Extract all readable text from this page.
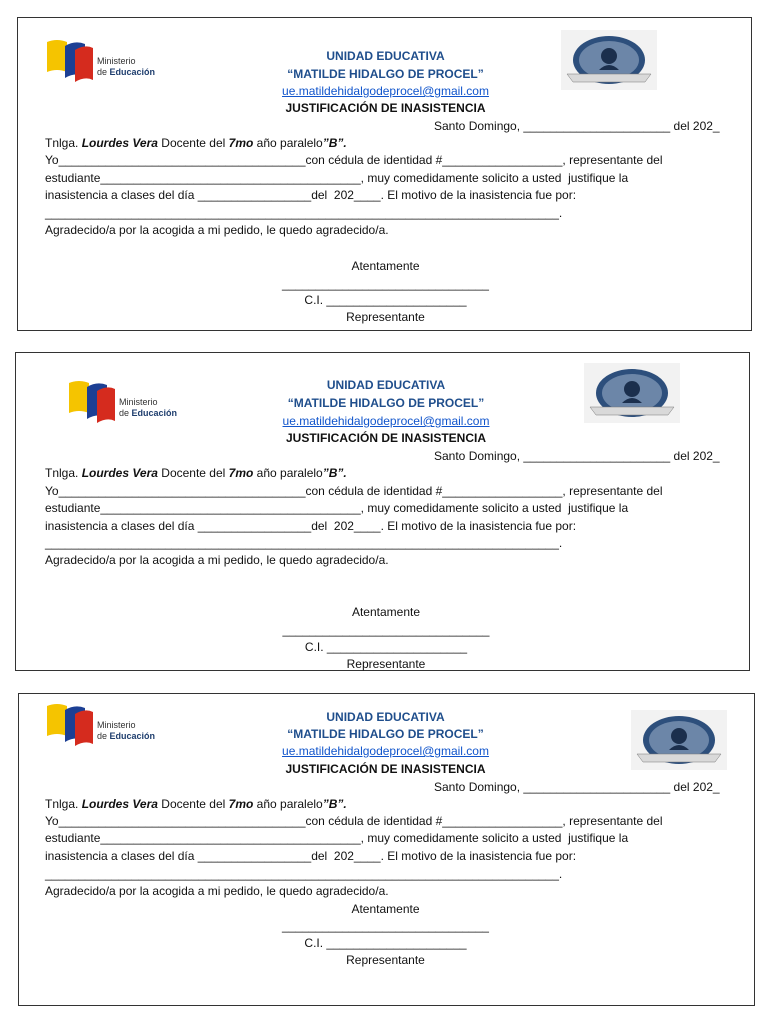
Ministerio
de Educación

UNIDAD EDUCATIVA

“MATILDE HIDALGO DE PROCEL”

ue.matildehidalgodeprocel@gmail.com

JUSTIFICACIÓN DE INASISTENCIA

Santo Domingo, ______________________ del 202_

Tnlga. Lourdes Vera Docente del 7mo año paralelo”B”.

Yo_____________________________________con cédula de identidad #__________________, representante del

estudiante_______________________________________, muy comedidamente solicito a usted  justifique la

inasistencia a clases del día _________________del  202____. El motivo de la inasistencia fue por:

_____________________________________________________________________________.

Agradecido/a por la acogida a mi pedido, le quedo agradecido/a.

Atentamente

_______________________________

C.I. _____________________

Representante

Ministerio
de Educación

UNIDAD EDUCATIVA

“MATILDE HIDALGO DE PROCEL”

ue.matildehidalgodeprocel@gmail.com

JUSTIFICACIÓN DE INASISTENCIA

Santo Domingo, ______________________ del 202_

Tnlga. Lourdes Vera Docente del 7mo año paralelo”B”.

Yo_____________________________________con cédula de identidad #__________________, representante del

estudiante_______________________________________, muy comedidamente solicito a usted  justifique la

inasistencia a clases del día _________________del  202____. El motivo de la inasistencia fue por:

_____________________________________________________________________________.

Agradecido/a por la acogida a mi pedido, le quedo agradecido/a.

Atentamente

_______________________________

C.I. _____________________

Representante

Ministerio
de Educación

UNIDAD EDUCATIVA

“MATILDE HIDALGO DE PROCEL”

ue.matildehidalgodeprocel@gmail.com

JUSTIFICACIÓN DE INASISTENCIA

Santo Domingo, ______________________ del 202_

Tnlga. Lourdes Vera Docente del 7mo año paralelo”B”.

Yo_____________________________________con cédula de identidad #__________________, representante del

estudiante_______________________________________, muy comedidamente solicito a usted  justifique la

inasistencia a clases del día _________________del  202____. El motivo de la inasistencia fue por:

_____________________________________________________________________________.

Agradecido/a por la acogida a mi pedido, le quedo agradecido/a.

Atentamente

_______________________________

C.I. _____________________

Representante
